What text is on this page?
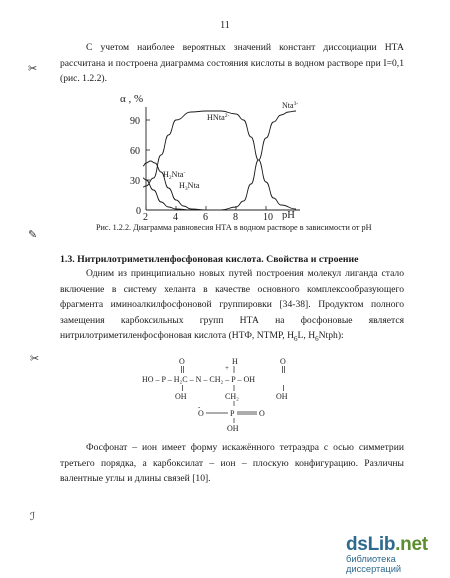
11
✂
✎
✂
ℐ
С учетом наиболее вероятных значений констант диссоциации НТА рассчитана и построена диаграмма состояния кислоты в водном растворе при I=0,1 (рис. 1.2.2).
α , %
2	4	6	8	10
0
30
60
90
pH
$H_2Nta^-$
$H_3Nta$
HNta$^{2-}$
Nta$^{3-}$
Рис. 1.2.2. Диаграмма равновесия НТА в водном растворе в зависимости от рН
1.3. Нитрилотриметиленфосфоновая кислота. Свойства и строение
Одним из принципиально новых путей построения молекул лиганда стало включение в систему хеланта в качестве основного комплексообразующего фрагмента иминоалкилфосфоновой группировки [34-38]. Продуктом полного замещения карбоксильных групп НТА на фосфоновые является нитрилотриметиленфосфоновая кислота (НТФ, NTMP, $H_6L$, $H_6Ntph$):
O	H
+
O
HO – P – H₂C – N – CH₂ – P – OH
OH	CH₂	OH
O
-
P	O
OH
Фосфонат – ион имеет форму искажённого тетраэдра с осью симметрии третьего порядка, а карбоксилат – ион – плоскую конфигурацию. Различны валентные углы и длины связей [10].
dsLib.net
библиотека диссертаций
